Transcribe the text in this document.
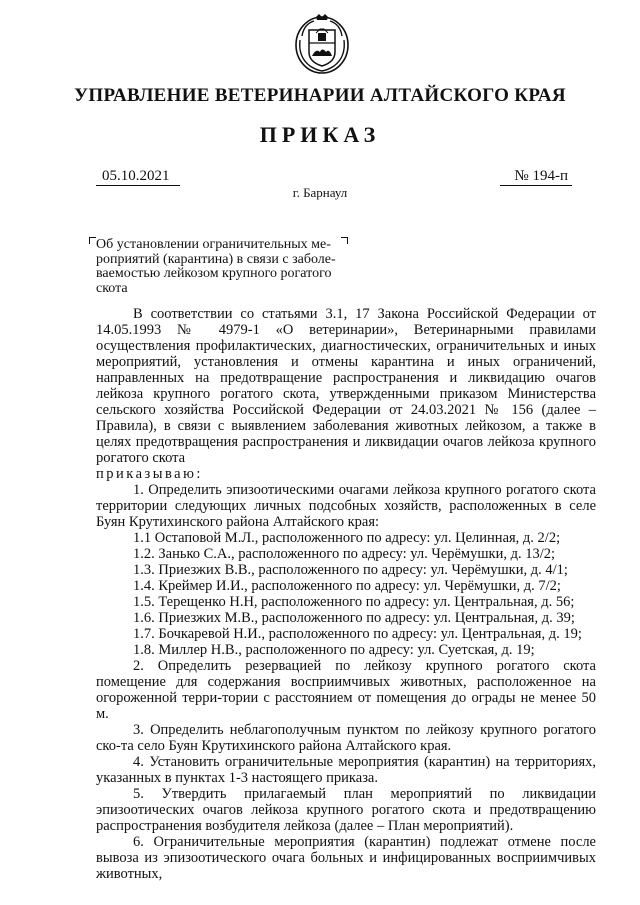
УПРАВЛЕНИЕ ВЕТЕРИНАРИИ АЛТАЙСКОГО КРАЯ
ПРИКАЗ
05.10.2021	№ 194-п
г. Барнаул
Об установлении ограничительных ме-роприятий (карантина) в связи с заболе-ваемостью лейкозом крупного рогатого скота

В соответствии со статьями 3.1, 17 Закона Российской Федерации от 14.05.1993 № 4979-1 «О ветеринарии», Ветеринарными правилами осуществления профилактических, диагностических, ограничительных и иных мероприятий, установления и отмены карантина и иных ограничений, направленных на предотвращение распространения и ликвидацию очагов лейкоза крупного рогатого скота, утвержденными приказом Министерства сельского хозяйства Российской Федерации от 24.03.2021 № 156 (далее – Правила), в связи с выявлением заболевания животных лейкозом, а также в целях предотвращения распространения и ликвидации очагов лейкоза крупного рогатого скота

приказываю:

1. Определить эпизоотическими очагами лейкоза крупного рогатого скота территории следующих личных подсобных хозяйств, расположенных в селе Буян Крутихинского района Алтайского края:

1.1 Остаповой М.Л., расположенного по адресу: ул. Целинная, д. 2/2;

1.2. Занько С.А., расположенного по адресу: ул. Черёмушки, д. 13/2;

1.3. Приезжих В.В., расположенного по адресу: ул. Черёмушки, д. 4/1;

1.4. Креймер И.И., расположенного по адресу: ул. Черёмушки, д. 7/2;

1.5. Терещенко Н.Н, расположенного по адресу: ул. Центральная, д. 56;

1.6. Приезжих М.В., расположенного по адресу: ул. Центральная, д. 39;

1.7. Бочкаревой Н.И., расположенного по адресу: ул. Центральная, д. 19;

1.8. Миллер Н.В., расположенного по адресу: ул. Суетская, д. 19;

2. Определить резервацией по лейкозу крупного рогатого скота помещение для содержания восприимчивых животных, расположенное на огороженной терри-тории с расстоянием от помещения до ограды не менее 50 м.

3. Определить неблагополучным пунктом по лейкозу крупного рогатого ско-та село Буян Крутихинского района Алтайского края.

4. Установить ограничительные мероприятия (карантин) на территориях, указанных в пунктах 1-3 настоящего приказа.

5. Утвердить прилагаемый план мероприятий по ликвидации эпизоотических очагов лейкоза крупного рогатого скота и предотвращению распространения возбудителя лейкоза (далее – План мероприятий).

6. Ограничительные мероприятия (карантин) подлежат отмене после вывоза из эпизоотического очага больных и инфицированных восприимчивых животных,
